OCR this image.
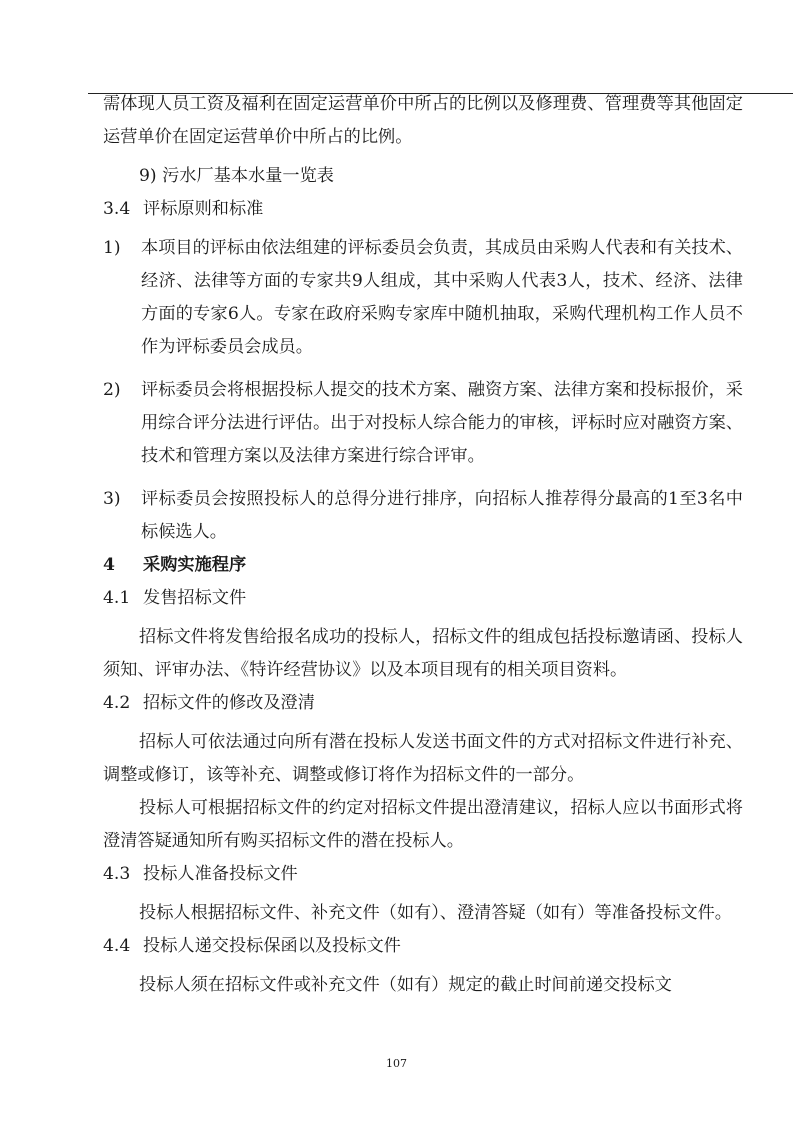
需体现人员工资及福利在固定运营单价中所占的比例以及修理费、管理费等其他固定运营单价在固定运营单价中所占的比例。

9) 污水厂基本水量一览表

3.4 评标原则和标准
1) 本项目的评标由依法组建的评标委员会负责，其成员由采购人代表和有关技术、经济、法律等方面的专家共9人组成，其中采购人代表3人，技术、经济、法律方面的专家6人。专家在政府采购专家库中随机抽取，采购代理机构工作人员不作为评标委员会成员。
2) 评标委员会将根据投标人提交的技术方案、融资方案、法律方案和投标报价，采用综合评分法进行评估。出于对投标人综合能力的审核，评标时应对融资方案、技术和管理方案以及法律方案进行综合评审。
3) 评标委员会按照投标人的总得分进行排序，向招标人推荐得分最高的1至3名中标候选人。
4 采购实施程序
4.1 发售招标文件

招标文件将发售给报名成功的投标人，招标文件的组成包括投标邀请函、投标人须知、评审办法、《特许经营协议》以及本项目现有的相关项目资料。

4.2 招标文件的修改及澄清

招标人可依法通过向所有潜在投标人发送书面文件的方式对招标文件进行补充、调整或修订，该等补充、调整或修订将作为招标文件的一部分。

投标人可根据招标文件的约定对招标文件提出澄清建议，招标人应以书面形式将澄清答疑通知所有购买招标文件的潜在投标人。

4.3 投标人准备投标文件

投标人根据招标文件、补充文件（如有）、澄清答疑（如有）等准备投标文件。

4.4 投标人递交投标保函以及投标文件

投标人须在招标文件或补充文件（如有）规定的截止时间前递交投标文

107
